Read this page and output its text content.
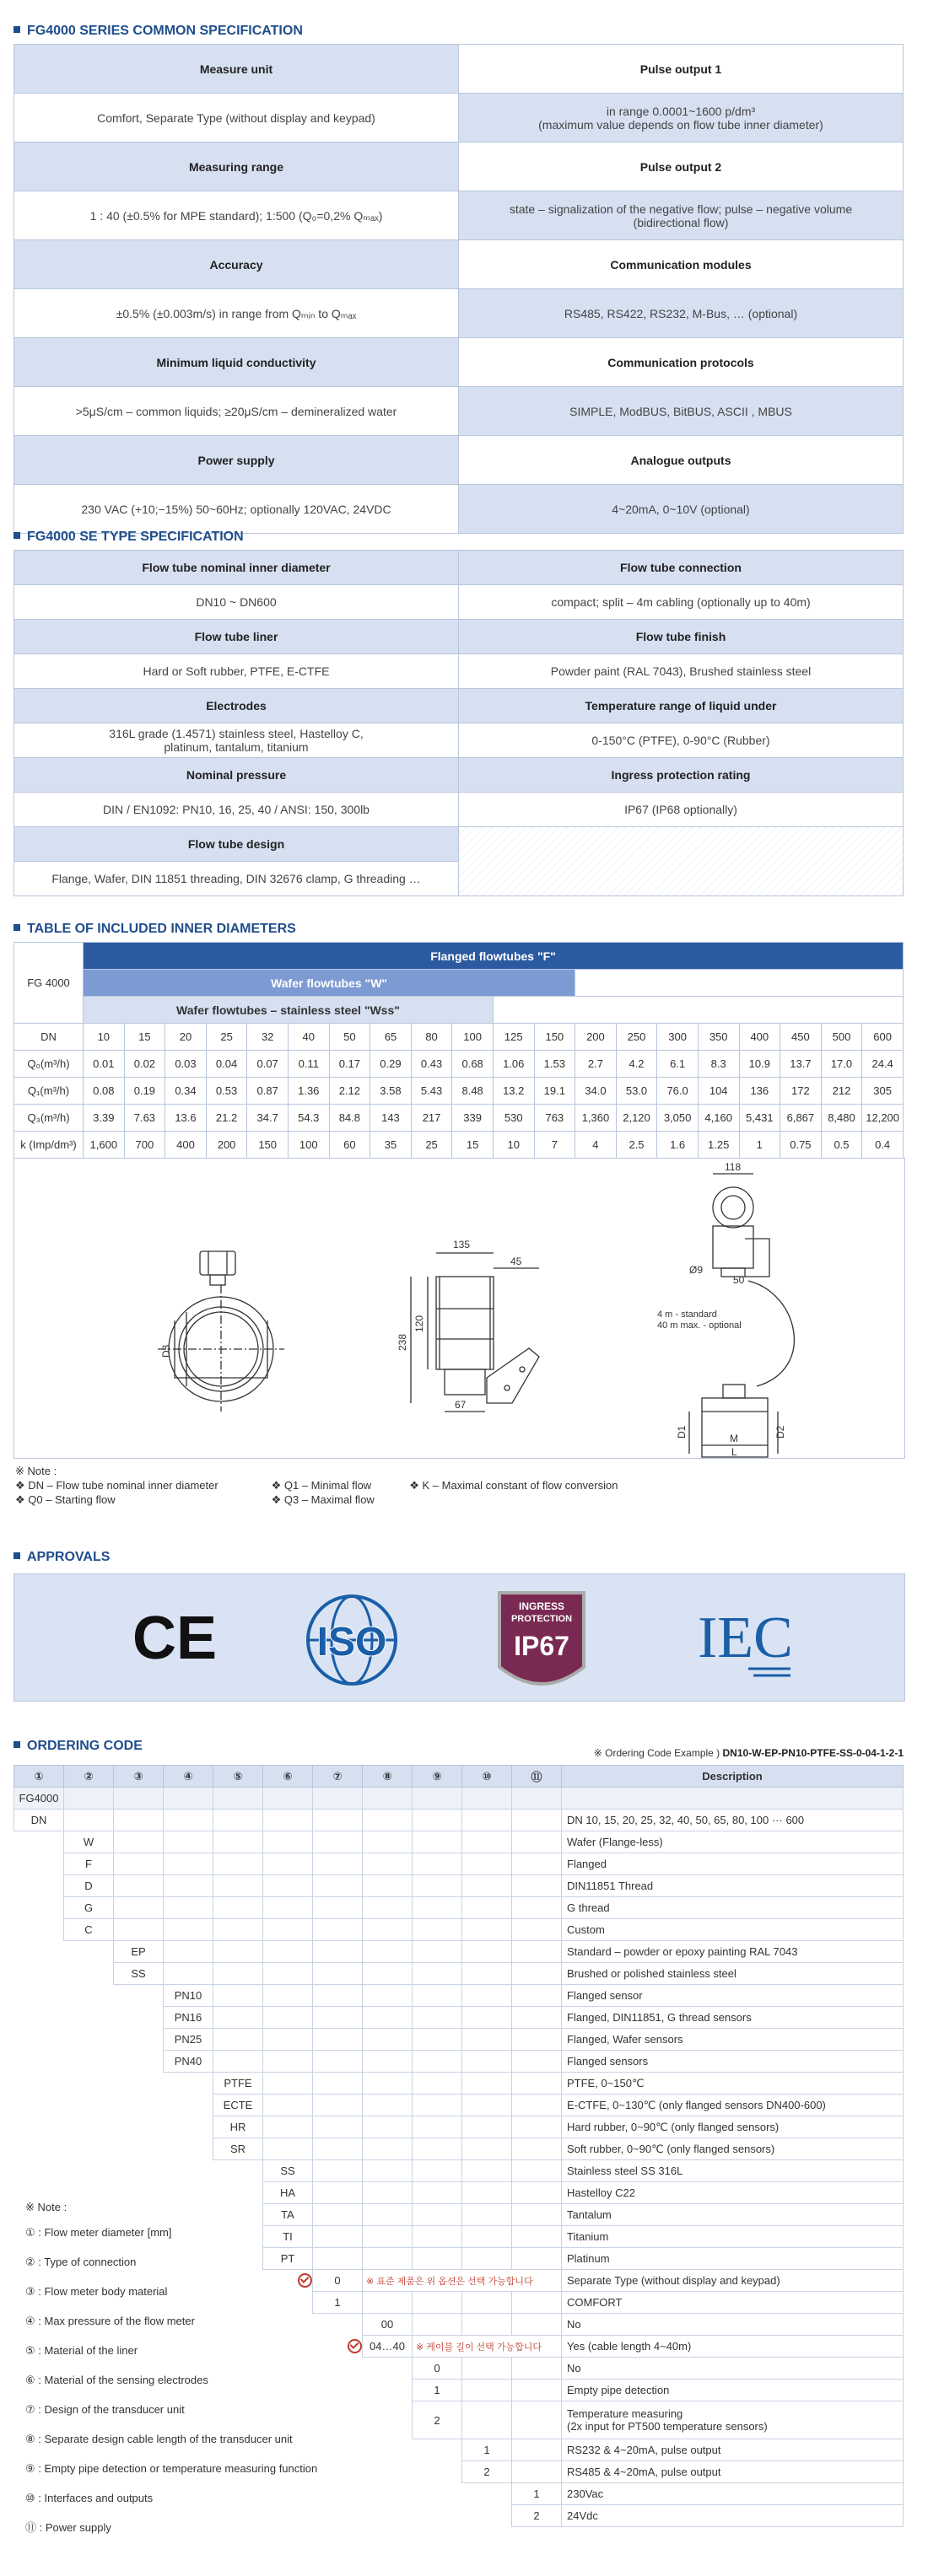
FG4000 SERIES COMMON SPECIFICATION
Measure unit	Pulse output 1
Comfort, Separate Type (without display and keypad)	in range 0.0001~1600 p/dm³
(maximum value depends on flow tube inner diameter)

Measuring range	Pulse output 2
1 : 40 (±0.5% for MPE standard); 1:500 (Q₀=0,2% Qₘₐₓ)	state – signalization of the negative flow; pulse – negative volume
(bidirectional flow)

Accuracy	Communication modules
±0.5% (±0.003m/s) in range from Qₘᵢₙ to Qₘₐₓ	RS485, RS422, RS232, M-Bus, … (optional)

Minimum liquid conductivity	Communication protocols
>5μS/cm – common liquids; ≥20μS/cm – demineralized water	SIMPLE, ModBUS, BitBUS, ASCII , MBUS

Power supply	Analogue outputs
230 VAC (+10;−15%) 50~60Hz; optionally 120VAC, 24VDC	4~20mA, 0~10V (optional)
FG4000 SE TYPE SPECIFICATION
Flow tube nominal inner diameter	Flow tube connection

DN10 ~ DN600	compact; split – 4m cabling (optionally up to 40m)
Flow tube liner	Flow tube finish

Hard or Soft rubber, PTFE, E-CTFE	Powder paint (RAL 7043), Brushed stainless steel
Electrodes	Temperature range of liquid under

316L grade (1.4571) stainless steel, Hastelloy C,
platinum, tantalum, titanium	0-150°C (PTFE), 0-90°C (Rubber)
Nominal pressure	Ingress protection rating

DIN / EN1092: PN10, 16, 25, 40 / ANSI: 150, 300lb	IP67 (IP68 optionally)
Flow tube design	

Flange, Wafer, DIN 11851 threading, DIN 32676 clamp, G threading …	
TABLE OF INCLUDED INNER DIAMETERS
FG 4000	Flanged flowtubes "F"																			
	Wafer flowtubes "W"																			
	Wafer flowtubes – stainless steel "Wss"																			
DN	10	15	20	25	32	40	50	65	80	100	125	150	200	250	300	350	400	450	500	600
Q₀(m³/h)	0.01	0.02	0.03	0.04	0.07	0.11	0.17	0.29	0.43	0.68	1.06	1.53	2.7	4.2	6.1	8.3	10.9	13.7	17.0	24.4
Q₁(m³/h)	0.08	0.19	0.34	0.53	0.87	1.36	2.12	3.58	5.43	8.48	13.2	19.1	34.0	53.0	76.0	104	136	172	212	305
Q₃(m³/h)	3.39	7.63	13.6	21.2	34.7	54.3	84.8	143	217	339	530	763	1,360	2,120	3,050	4,160	5,431	6,867	8,480	12,200
k (Imp/dm³)	1,600	700	400	200	150	100	60	35	25	15	10	7	4	2.5	1.6	1.25	1	0.75	0.5	0.4
D3
135
45
120
238
67
118
Ø9
50
4 m - standard
40 m max. - optional
D1	D2
M
L
※ Note :
❖ DN – Flow tube nominal inner diameter	❖ Q1 – Minimal flow	❖ K – Maximal constant of flow conversion
❖ Q0 – Starting flow	❖ Q3 – Maximal flow
APPROVALS
CE ISO
INGRESS
PROTECTION
IP67 IEC
ORDERING CODE	※ Ordering Code Example ) DN10-W-EP-PN10-PTFE-SS-0-04-1-2-1
①	②	③	④	⑤	⑥	⑦	⑧	⑨	⑩	⑪	Description
FG4000											
DN											DN 10, 15, 20, 25, 32, 40, 50, 65, 80, 100 ··· 600

	W										Wafer (Flange-less)

	F										Flanged

	D										DIN11851 Thread

	G										G thread

	C										Custom

		EP									Standard – powder or epoxy painting RAL 7043

		SS									Brushed or polished stainless steel

			PN10								Flanged sensor

			PN16								Flanged, DIN11851, G thread sensors

			PN25								Flanged, Wafer sensors

			PN40								Flanged sensors

				PTFE							PTFE, 0~150℃

				ECTE							E-CTFE, 0~130℃ (only flanged sensors DN400-600)

				HR							Hard rubber, 0~90℃ (only flanged sensors)

				SR							Soft rubber, 0~90℃ (only flanged sensors)

					SS						Stainless steel SS 316L

					HA						Hastelloy C22

					TA						Tantalum

					TI						Titanium

					PT						Platinum

						0	※ 표준 제품은 위 옵션은 선택 가능합니다				Separate Type (without display and keypad)

						1					COMFORT

							00				No

							04…40	※ 케이블 길이 선택 가능합니다			Yes (cable length 4~40m)

								0			No

								1			Empty pipe detection

								2			Temperature measuring
(2x input for PT500 temperature sensors)

									1		RS232 & 4~20mA, pulse output

									2		RS485 & 4~20mA, pulse output

										1	230Vac

										2	24Vdc
※ Note :
① : Flow meter diameter [mm]
② : Type of connection
③ : Flow meter body material
④ : Max pressure of the flow meter
⑤ : Material of the liner
⑥ : Material of the sensing electrodes
⑦ : Design of the transducer unit
⑧ : Separate design cable length of the transducer unit
⑨ : Empty pipe detection or temperature measuring function
⑩ : Interfaces and outputs
⑪ : Power supply
